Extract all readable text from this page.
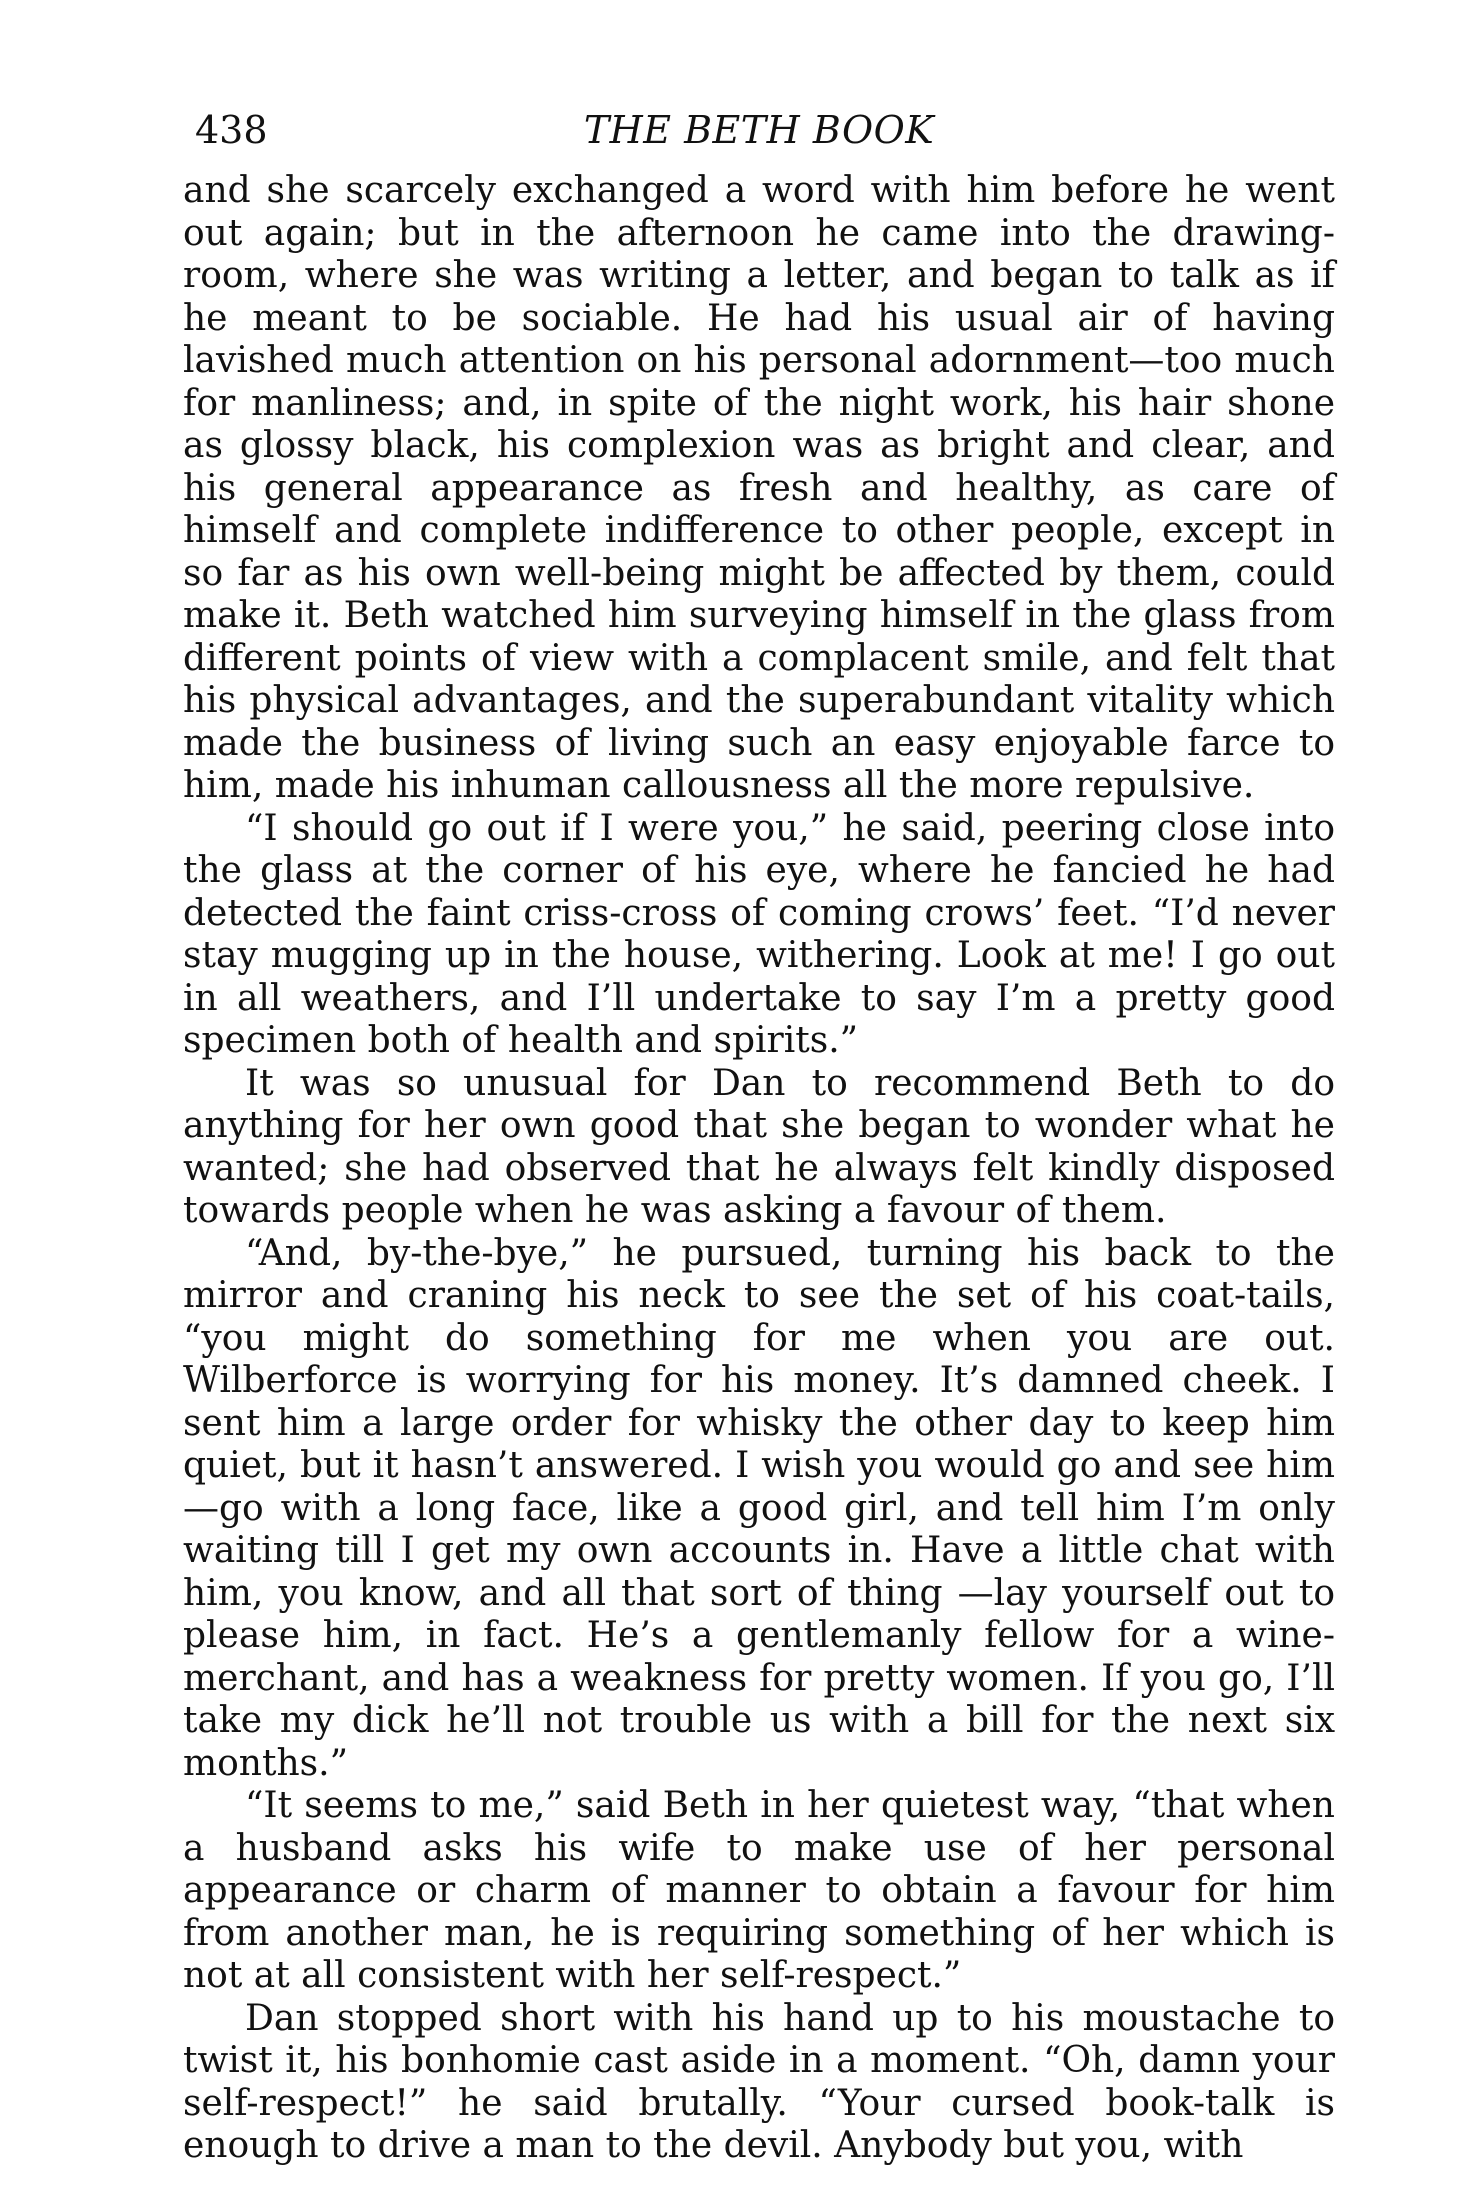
438	THE BETH BOOK

and she scarcely exchanged a word with him before he went out again; but in the afternoon he came into the drawing-room, where she was writing a letter, and began to talk as if he meant to be sociable. He had his usual air of having lavished much attention on his personal adornment—too much for manliness; and, in spite of the night work, his hair shone as glossy black, his complexion was as bright and clear, and his general appearance as fresh and healthy, as care of himself and complete indifference to other people, except in so far as his own well-being might be affected by them, could make it. Beth watched him surveying himself in the glass from different points of view with a complacent smile, and felt that his physical advantages, and the superabundant vitality which made the business of living such an easy enjoyable farce to him, made his inhuman callousness all the more repulsive.

“I should go out if I were you,” he said, peering close into the glass at the corner of his eye, where he fancied he had detected the faint criss-cross of coming crows’ feet. “I’d never stay mugging up in the house, withering. Look at me! I go out in all weathers, and I’ll undertake to say I’m a pretty good specimen both of health and spirits.”

It was so unusual for Dan to recommend Beth to do anything for her own good that she began to wonder what he wanted; she had observed that he always felt kindly disposed towards people when he was asking a favour of them.

“And, by-the-bye,” he pursued, turning his back to the mirror and craning his neck to see the set of his coat-tails, “you might do something for me when you are out. Wilberforce is worrying for his money. It’s damned cheek. I sent him a large order for whisky the other day to keep him quiet, but it hasn’t answered. I wish you would go and see him—go with a long face, like a good girl, and tell him I’m only waiting till I get my own accounts in. Have a little chat with him, you know, and all that sort of thing —lay yourself out to please him, in fact. He’s a gentlemanly fellow for a wine-merchant, and has a weakness for pretty women. If you go, I’ll take my dick he’ll not trouble us with a bill for the next six months.”

“It seems to me,” said Beth in her quietest way, “that when a husband asks his wife to make use of her personal appearance or charm of manner to obtain a favour for him from another man, he is requiring something of her which is not at all consistent with her self-respect.”

Dan stopped short with his hand up to his moustache to twist it, his bonhomie cast aside in a moment. “Oh, damn your self-respect!” he said brutally. “Your cursed book-talk is enough to drive a man to the devil. Anybody but you, with
